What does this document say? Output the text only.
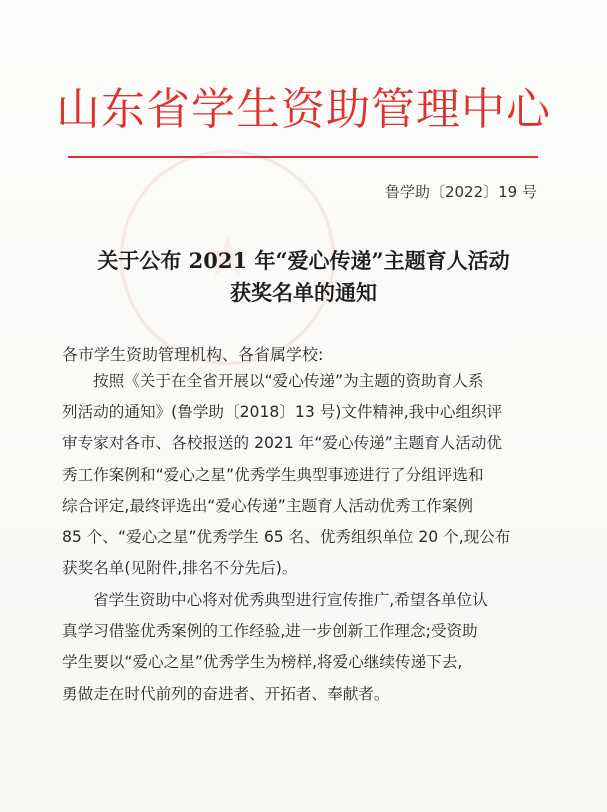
山东省学生资助管理中心
鲁学助〔2022〕19 号
关于公布 2021 年“爱心传递”主题育人活动
获奖名单的通知
各市学生资助管理机构、各省属学校:
按照《关于在全省开展以“爱心传递”为主题的资助育人系
列活动的通知》(鲁学助〔2018〕13 号)文件精神,我中心组织评
审专家对各市、各校报送的 2021 年“爱心传递”主题育人活动优
秀工作案例和“爱心之星”优秀学生典型事迹进行了分组评选和
综合评定,最终评选出“爱心传递”主题育人活动优秀工作案例
85 个、“爱心之星”优秀学生 65 名、优秀组织单位 20 个,现公布
获奖名单(见附件,排名不分先后)。
省学生资助中心将对优秀典型进行宣传推广,希望各单位认
真学习借鉴优秀案例的工作经验,进一步创新工作理念;受资助
学生要以“爱心之星”优秀学生为榜样,将爱心继续传递下去,
勇做走在时代前列的奋进者、开拓者、奉献者。
